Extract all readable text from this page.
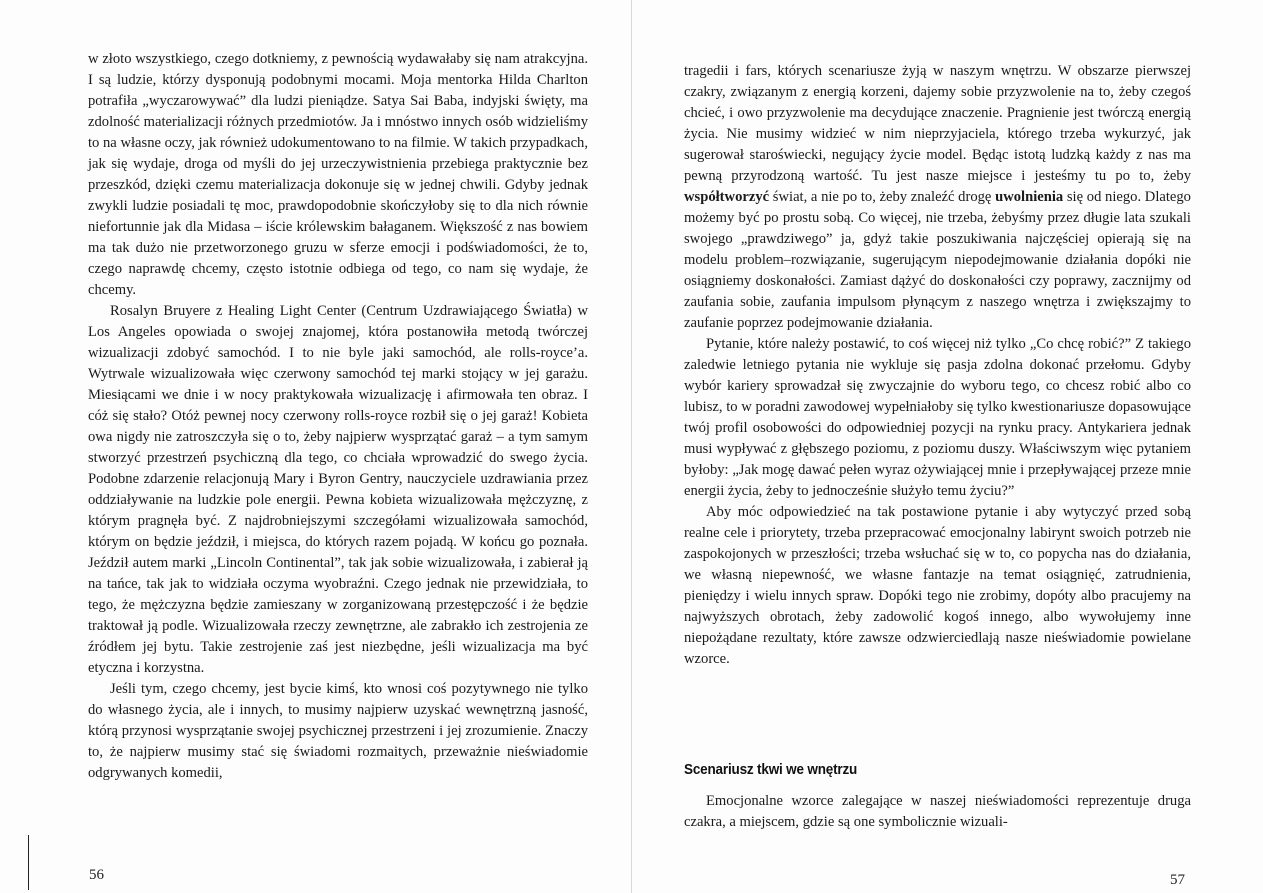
w złoto wszystkiego, czego dotkniemy, z pewnością wydawałaby się nam atrakcyjna. I są ludzie, którzy dysponują podobnymi mocami. Moja mentorka Hilda Charlton potrafiła „wyczarowywać” dla ludzi pieniądze. Satya Sai Baba, indyjski święty, ma zdolność materializacji różnych przedmiotów. Ja i mnóstwo innych osób widzieliśmy to na własne oczy, jak również udokumentowano to na filmie. W takich przypadkach, jak się wydaje, droga od myśli do jej urzeczywistnienia przebiega praktycznie bez przeszkód, dzięki czemu materializacja dokonuje się w jednej chwili. Gdyby jednak zwykli ludzie posiadali tę moc, prawdopodobnie skończyłoby się to dla nich równie niefortunnie jak dla Midasa – iście królewskim bałaganem. Większość z nas bowiem ma tak dużo nie przetworzonego gruzu w sferze emocji i podświadomości, że to, czego naprawdę chcemy, często istotnie odbiega od tego, co nam się wydaje, że chcemy.

Rosalyn Bruyere z Healing Light Center (Centrum Uzdrawiającego Światła) w Los Angeles opowiada o swojej znajomej, która postanowiła metodą twórczej wizualizacji zdobyć samochód. I to nie byle jaki samochód, ale rolls-royce’a. Wytrwale wizualizowała więc czerwony samochód tej marki stojący w jej garażu. Miesiącami we dnie i w nocy praktykowała wizualizację i afirmowała ten obraz. I cóż się stało? Otóż pewnej nocy czerwony rolls-royce rozbił się o jej garaż! Kobieta owa nigdy nie zatroszczyła się o to, żeby najpierw wysprzątać garaż – a tym samym stworzyć przestrzeń psychiczną dla tego, co chciała wprowadzić do swego życia. Podobne zdarzenie relacjonują Mary i Byron Gentry, nauczyciele uzdrawiania przez oddziaływanie na ludzkie pole energii. Pewna kobieta wizualizowała mężczyznę, z którym pragnęła być. Z najdrobniejszymi szczegółami wizualizowała samochód, którym on będzie jeździł, i miejsca, do których razem pojadą. W końcu go poznała. Jeździł autem marki „Lincoln Continental”, tak jak sobie wizualizowała, i zabierał ją na tańce, tak jak to widziała oczyma wyobraźni. Czego jednak nie przewidziała, to tego, że mężczyzna będzie zamieszany w zorganizowaną przestępczość i że będzie traktował ją podle. Wizualizowała rzeczy zewnętrzne, ale zabrakło ich zestrojenia ze źródłem jej bytu. Takie zestrojenie zaś jest niezbędne, jeśli wizualizacja ma być etyczna i korzystna.

Jeśli tym, czego chcemy, jest bycie kimś, kto wnosi coś pozytywnego nie tylko do własnego życia, ale i innych, to musimy najpierw uzyskać wewnętrzną jasność, którą przynosi wysprzątanie swojej psychicznej przestrzeni i jej zrozumienie. Znaczy to, że najpierw musimy stać się świadomi rozmaitych, przeważnie nieświadomie odgrywanych komedii,

56

tragedii i fars, których scenariusze żyją w naszym wnętrzu. W obszarze pierwszej czakry, związanym z energią korzeni, dajemy sobie przyzwolenie na to, żeby czegoś chcieć, i owo przyzwolenie ma decydujące znaczenie. Pragnienie jest twórczą energią życia. Nie musimy widzieć w nim nieprzyjaciela, którego trzeba wykurzyć, jak sugerował staroświecki, negujący życie model. Będąc istotą ludzką każdy z nas ma pewną przyrodzoną wartość. Tu jest nasze miejsce i jesteśmy tu po to, żeby współtworzyć świat, a nie po to, żeby znaleźć drogę uwolnienia się od niego. Dlatego możemy być po prostu sobą. Co więcej, nie trzeba, żebyśmy przez długie lata szukali swojego „prawdziwego” ja, gdyż takie poszukiwania najczęściej opierają się na modelu problem–rozwiązanie, sugerującym niepodejmowanie działania dopóki nie osiągniemy doskonałości. Zamiast dążyć do doskonałości czy poprawy, zacznijmy od zaufania sobie, zaufania impulsom płynącym z naszego wnętrza i zwiększajmy to zaufanie poprzez podejmowanie działania.

Pytanie, które należy postawić, to coś więcej niż tylko „Co chcę robić?” Z takiego zaledwie letniego pytania nie wykluje się pasja zdolna dokonać przełomu. Gdyby wybór kariery sprowadzał się zwyczajnie do wyboru tego, co chcesz robić albo co lubisz, to w poradni zawodowej wypełniałoby się tylko kwestionariusze dopasowujące twój profil osobowości do odpowiedniej pozycji na rynku pracy. Antykariera jednak musi wypływać z głębszego poziomu, z poziomu duszy. Właściwszym więc pytaniem byłoby: „Jak mogę dawać pełen wyraz ożywiającej mnie i przepływającej przeze mnie energii życia, żeby to jednocześnie służyło temu życiu?”

Aby móc odpowiedzieć na tak postawione pytanie i aby wytyczyć przed sobą realne cele i priorytety, trzeba przepracować emocjonalny labirynt swoich potrzeb nie zaspokojonych w przeszłości; trzeba wsłuchać się w to, co popycha nas do działania, we własną niepewność, we własne fantazje na temat osiągnięć, zatrudnienia, pieniędzy i wielu innych spraw. Dopóki tego nie zrobimy, dopóty albo pracujemy na najwyższych obrotach, żeby zadowolić kogoś innego, albo wywołujemy inne niepożądane rezultaty, które zawsze odzwierciedlają nasze nieświadomie powielane wzorce.

Scenariusz tkwi we wnętrzu

Emocjonalne wzorce zalegające w naszej nieświadomości reprezentuje druga czakra, a miejscem, gdzie są one symbolicznie wizuali-

57
